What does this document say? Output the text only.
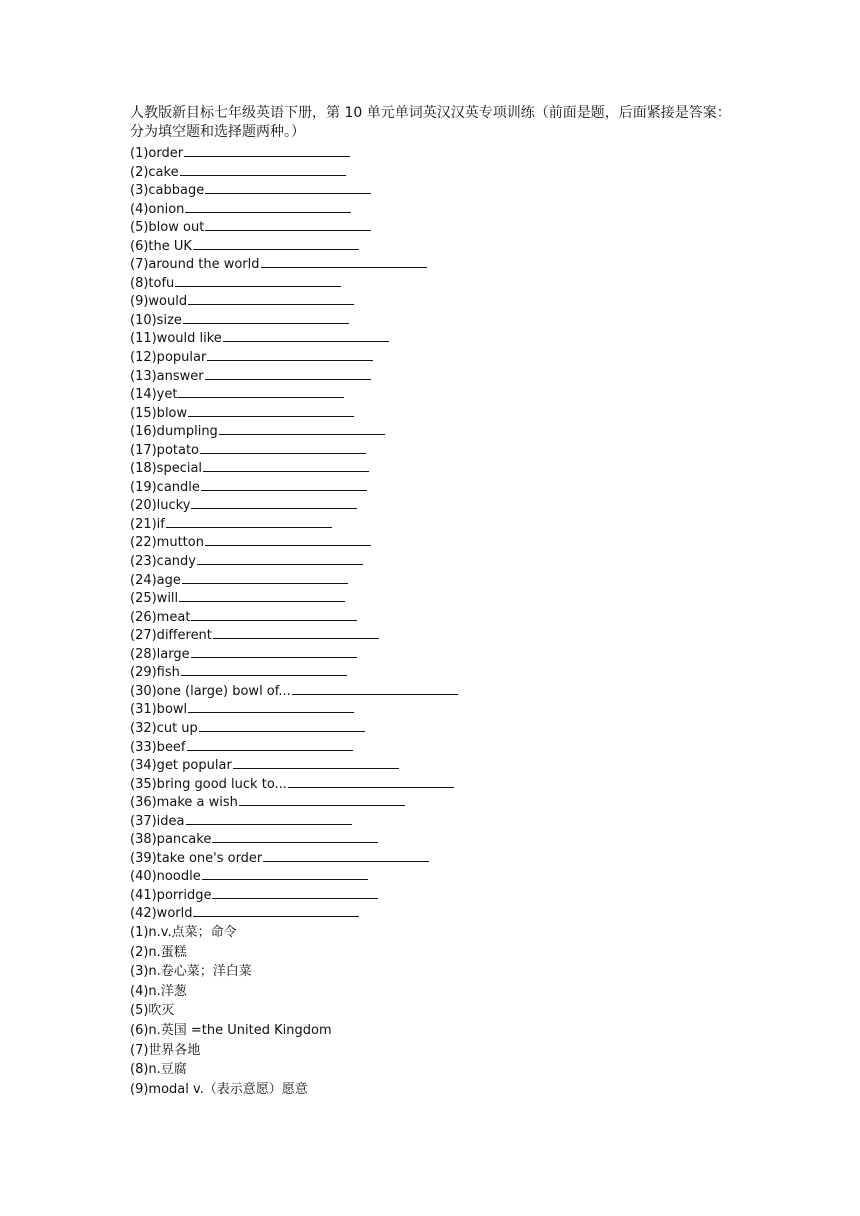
人教版新目标七年级英语下册，第 10 单元单词英汉汉英专项训练（前面是题，后面紧接是答案：分为填空题和选择题两种。）
(1)order
(2)cake
(3)cabbage
(4)onion
(5)blow out
(6)the UK
(7)around the world
(8)tofu
(9)would
(10)size
(11)would like
(12)popular
(13)answer
(14)yet
(15)blow
(16)dumpling
(17)potato
(18)special
(19)candle
(20)lucky
(21)if
(22)mutton
(23)candy
(24)age
(25)will
(26)meat
(27)different
(28)large
(29)fish
(30)one (large) bowl of...
(31)bowl
(32)cut up
(33)beef
(34)get popular
(35)bring good luck to...
(36)make a wish
(37)idea
(38)pancake
(39)take one's order
(40)noodle
(41)porridge
(42)world
(1)n.v.点菜；命令
(2)n.蛋糕
(3)n.卷心菜；洋白菜
(4)n.洋葱
(5)吹灭
(6)n.英国 =the United Kingdom
(7)世界各地
(8)n.豆腐
(9)modal v.（表示意愿）愿意
